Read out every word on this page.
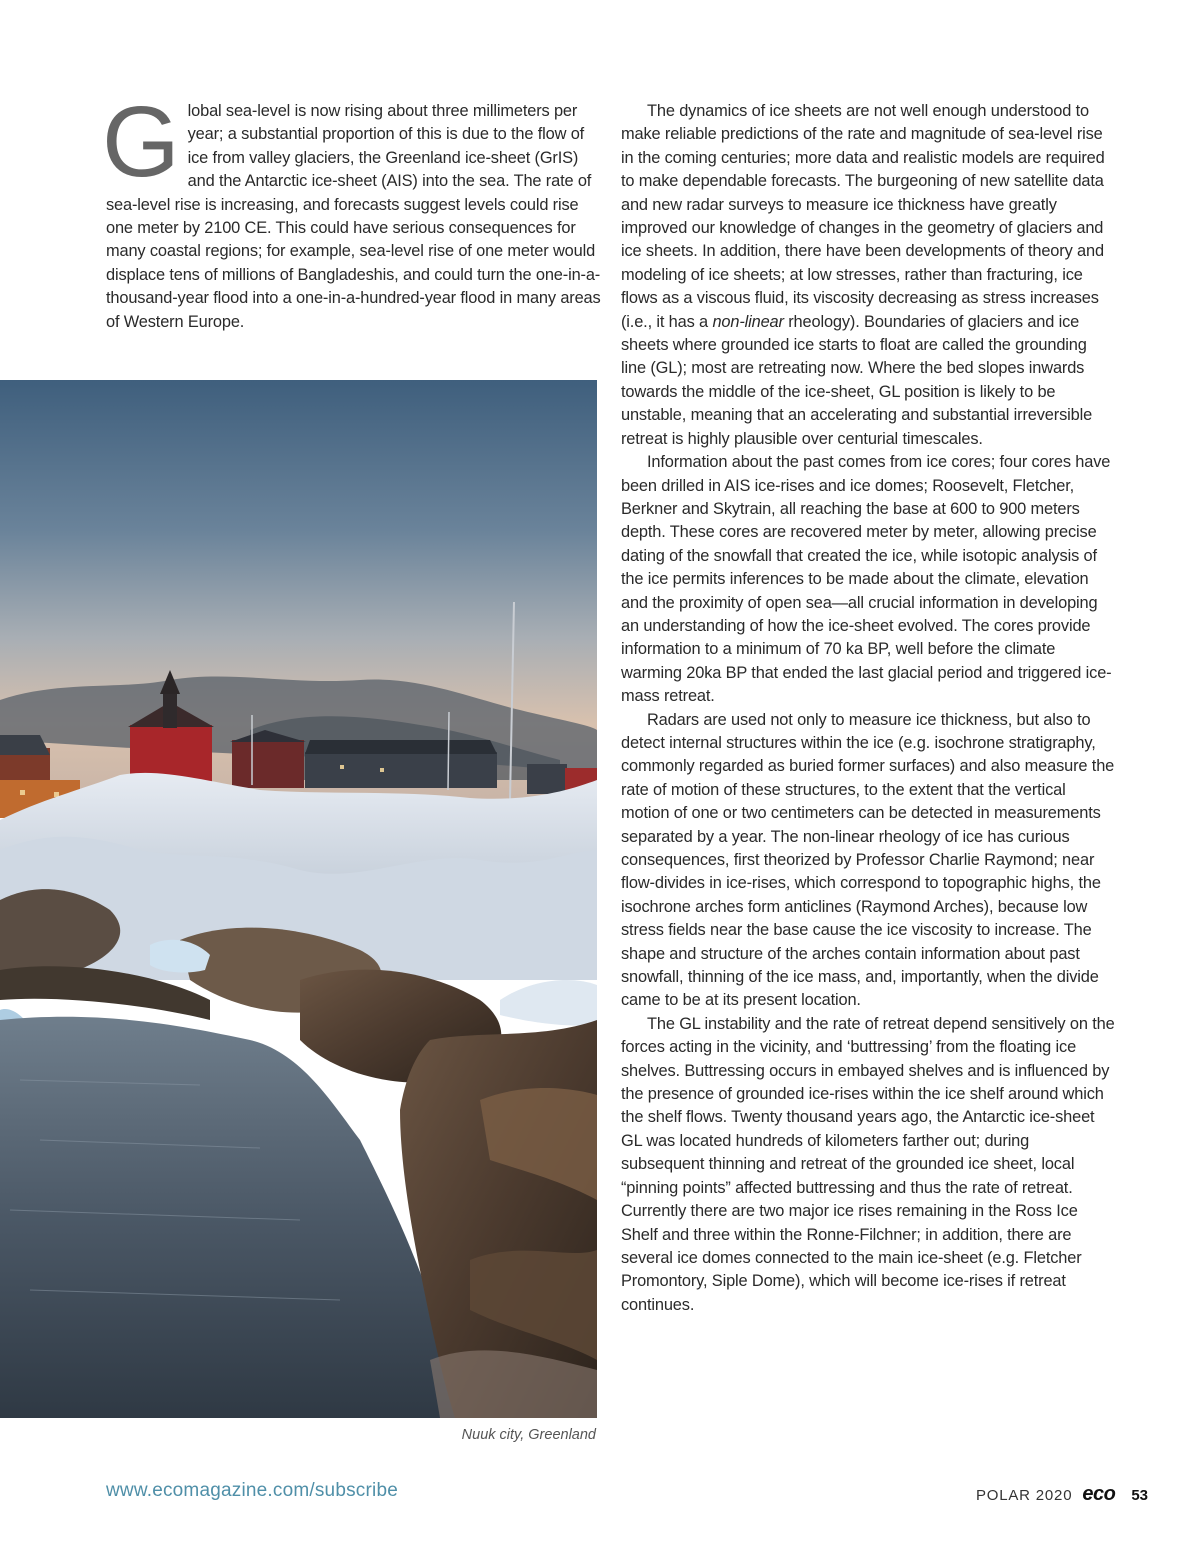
Global sea-level is now rising about three millimeters per year; a substantial proportion of this is due to the flow of ice from valley glaciers, the Greenland ice-sheet (GrIS) and the Antarctic ice-sheet (AIS) into the sea. The rate of sea-level rise is increasing, and forecasts suggest levels could rise one meter by 2100 CE. This could have serious consequences for many coastal regions; for example, sea-level rise of one meter would displace tens of millions of Bangladeshis, and could turn the one-in-a-thousand-year flood into a one-in-a-hundred-year flood in many areas of Western Europe.

Nuuk city, Greenland

The dynamics of ice sheets are not well enough understood to make reliable predictions of the rate and magnitude of sea-level rise in the coming centuries; more data and realistic models are required to make dependable forecasts. The burgeoning of new satellite data and new radar surveys to measure ice thickness have greatly improved our knowledge of changes in the geometry of glaciers and ice sheets. In addition, there have been developments of theory and modeling of ice sheets; at low stresses, rather than fracturing, ice flows as a viscous fluid, its viscosity decreasing as stress increases (i.e., it has a non-linear rheology). Boundaries of glaciers and ice sheets where grounded ice starts to float are called the grounding line (GL); most are retreating now. Where the bed slopes inwards towards the middle of the ice-sheet, GL position is likely to be unstable, meaning that an accelerating and substantial irreversible retreat is highly plausible over centurial timescales.

Information about the past comes from ice cores; four cores have been drilled in AIS ice-rises and ice domes; Roosevelt, Fletcher, Berkner and Skytrain, all reaching the base at 600 to 900 meters depth. These cores are recovered meter by meter, allowing precise dating of the snowfall that created the ice, while isotopic analysis of the ice permits inferences to be made about the climate, elevation and the proximity of open sea—all crucial information in developing an understanding of how the ice-sheet evolved. The cores provide information to a minimum of 70 ka BP, well before the climate warming 20ka BP that ended the last glacial period and triggered ice-mass retreat.

Radars are used not only to measure ice thickness, but also to detect internal structures within the ice (e.g. isochrone stratigraphy, commonly regarded as buried former surfaces) and also measure the rate of motion of these structures, to the extent that the vertical motion of one or two centimeters can be detected in measurements separated by a year. The non-linear rheology of ice has curious consequences, first theorized by Professor Charlie Raymond; near flow-divides in ice-rises, which correspond to topographic highs, the isochrone arches form anticlines (Raymond Arches), because low stress fields near the base cause the ice viscosity to increase. The shape and structure of the arches contain information about past snowfall, thinning of the ice mass, and, importantly, when the divide came to be at its present location.

The GL instability and the rate of retreat depend sensitively on the forces acting in the vicinity, and ‘buttressing’ from the floating ice shelves. Buttressing occurs in embayed shelves and is influenced by the presence of grounded ice-rises within the ice shelf around which the shelf flows. Twenty thousand years ago, the Antarctic ice-sheet GL was located hundreds of kilometers farther out; during subsequent thinning and retreat of the grounded ice sheet, local “pinning points” affected buttressing and thus the rate of retreat. Currently there are two major ice rises remaining in the Ross Ice Shelf and three within the Ronne-Filchner; in addition, there are several ice domes connected to the main ice-sheet (e.g. Fletcher Promontory, Siple Dome), which will become ice-rises if retreat continues.

www.ecomagazine.com/subscribe	POLAR 2020 eco 53
